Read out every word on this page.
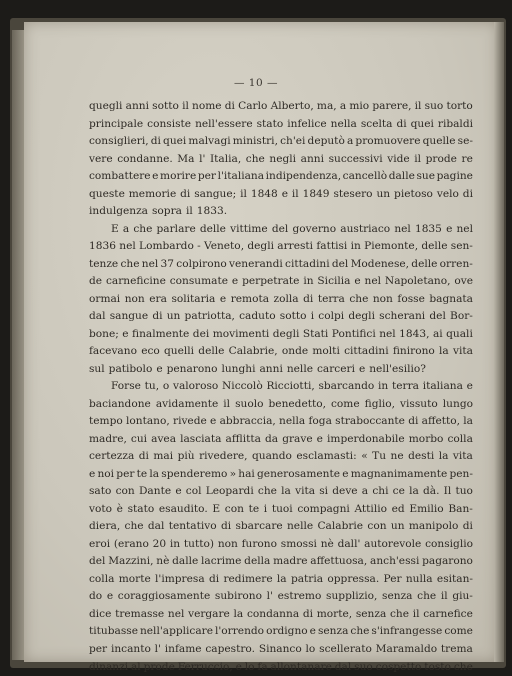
— 10 —
quegli anni sotto il nome di Carlo Alberto, ma, a mio parere, il suo torto
principale consiste nell'essere stato infelice nella scelta di quei ribaldi
consiglieri, di quei malvagi ministri, ch'ei deputò a promuovere quelle se-
vere condanne. Ma l' Italia, che negli anni successivi vide il prode re
combattere e morire per l'italiana indipendenza, cancellò dalle sue pagine
queste memorie di sangue; il 1848 e il 1849 stesero un pietoso velo di
indulgenza sopra il 1833.
E a che parlare delle vittime del governo austriaco nel 1835 e nel
1836 nel Lombardo - Veneto, degli arresti fattisi in Piemonte, delle sen-
tenze che nel 37 colpirono venerandi cittadini del Modenese, delle orren-
de carneficine consumate e perpetrate in Sicilia e nel Napoletano, ove
ormai non era solitaria e remota zolla di terra che non fosse bagnata
dal sangue di un patriotta, caduto sotto i colpi degli scherani del Bor-
bone; e finalmente dei movimenti degli Stati Pontifici nel 1843, ai quali
facevano eco quelli delle Calabrie, onde molti cittadini finirono la vita
sul patibolo e penarono lunghi anni nelle carceri e nell'esilio?
Forse tu, o valoroso Niccolò Ricciotti, sbarcando in terra italiana e
baciandone avidamente il suolo benedetto, come figlio, vissuto lungo
tempo lontano, rivede e abbraccia, nella foga straboccante di affetto, la
madre, cui avea lasciata afflitta da grave e imperdonabile morbo colla
certezza di mai più rivedere, quando esclamasti: « Tu ne desti la vita
e noi per te la spenderemo » hai generosamente e magnanimamente pen-
sato con Dante e col Leopardi che la vita si deve a chi ce la dà. Il tuo
voto è stato esaudito. E con te i tuoi compagni Attilio ed Emilio Ban-
diera, che dal tentativo di sbarcare nelle Calabrie con un manipolo di
eroi (erano 20 in tutto) non furono smossi nè dall' autorevole consiglio
del Mazzini, nè dalle lacrime della madre affettuosa, anch'essi pagarono
colla morte l'impresa di redimere la patria oppressa. Per nulla esitan-
do e coraggiosamente subirono l' estremo supplizio, senza che il giu-
dice tremasse nel vergare la condanna di morte, senza che il carnefice
titubasse nell'applicare l'orrendo ordigno e senza che s'infrangesse come
per incanto l' infame capestro. Sinanco lo scellerato Maramaldo trema
dinanzi al prode Ferruccio, e lo fa allontanare dal suo cospetto tosto che
